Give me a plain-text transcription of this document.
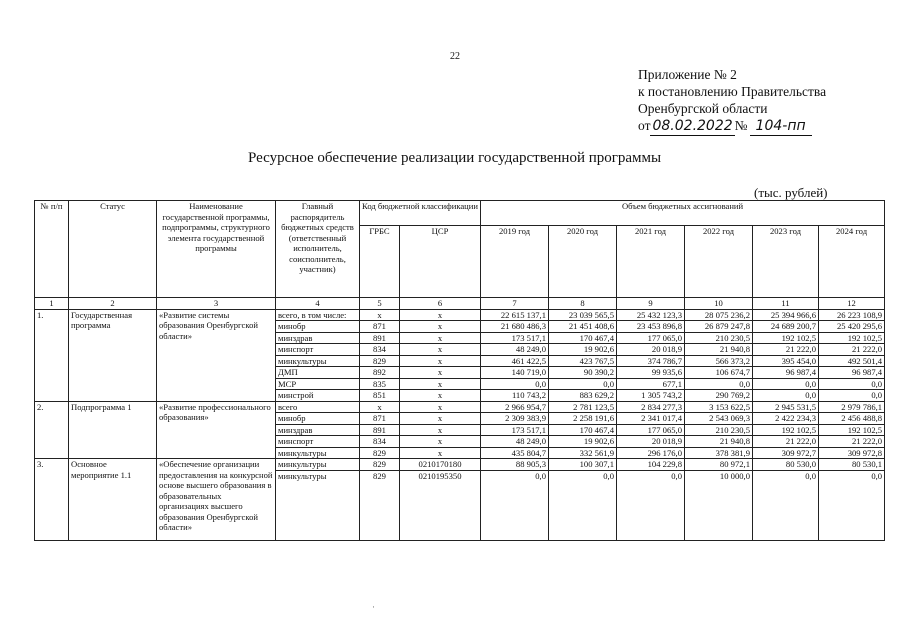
22
Приложение № 2
к постановлению Правительства
Оренбургской области
от 08.02.2022 № 104-пп
Ресурсное обеспечение реализации государственной программы
(тыс. рублей)
№ п/п	Статус	Наименование государственной программы, подпрограммы, структурного элемента государственной программы	Главный распорядитель бюджетных средств (ответственный исполнитель, соисполнитель, участник)	Код бюджетной классификации		Объем бюджетных ассигнований					
				ГРБС	ЦСР	2019 год	2020 год	2021 год	2022 год	2023 год	2024 год
1	2	3	4	5	6	7	8	9	10	11	12
1.	Государственная программа	«Развитие системы образования Оренбургской области»	всего, в том числе:	х	х	22 615 137,1	23 039 565,5	25 432 123,3	28 075 236,2	25 394 966,6	26 223 108,9
			минобр	871	х	21 680 486,3	21 451 408,6	23 453 896,8	26 879 247,8	24 689 200,7	25 420 295,6
			минздрав	891	х	173 517,1	170 467,4	177 065,0	210 230,5	192 102,5	192 102,5
			минспорт	834	х	48 249,0	19 902,6	20 018,9	21 940,8	21 222,0	21 222,0
			минкультуры	829	х	461 422,5	423 767,5	374 786,7	566 373,2	395 454,0	492 501,4
			ДМП	892	х	140 719,0	90 390,2	99 935,6	106 674,7	96 987,4	96 987,4
			МСР	835	х	0,0	0,0	677,1	0,0	0,0	0,0
			минстрой	851	х	110 743,2	883 629,2	1 305 743,2	290 769,2	0,0	0,0
2.	Подпрограмма 1	«Развитие профессионального образования»	всего	х	х	2 966 954,7	2 781 123,5	2 834 277,3	3 153 622,5	2 945 531,5	2 979 786,1
			минобр	871	х	2 309 383,9	2 258 191,6	2 341 017,4	2 543 069,3	2 422 234,3	2 456 488,8
			минздрав	891	х	173 517,1	170 467,4	177 065,0	210 230,5	192 102,5	192 102,5
			минспорт	834	х	48 249,0	19 902,6	20 018,9	21 940,8	21 222,0	21 222,0
			минкультуры	829	х	435 804,7	332 561,9	296 176,0	378 381,9	309 972,7	309 972,8
3.	Основное мероприятие 1.1	«Обеспечение организации предоставления на конкурсной основе высшего образования в образовательных организациях высшего образования Оренбургской области»	минкультуры	829	0210170180	88 905,3	100 307,1	104 229,8	80 972,1	80 530,0	80 530,1
			минкультуры	829	0210195350	0,0	0,0	0,0	10 000,0	0,0	0,0
·
